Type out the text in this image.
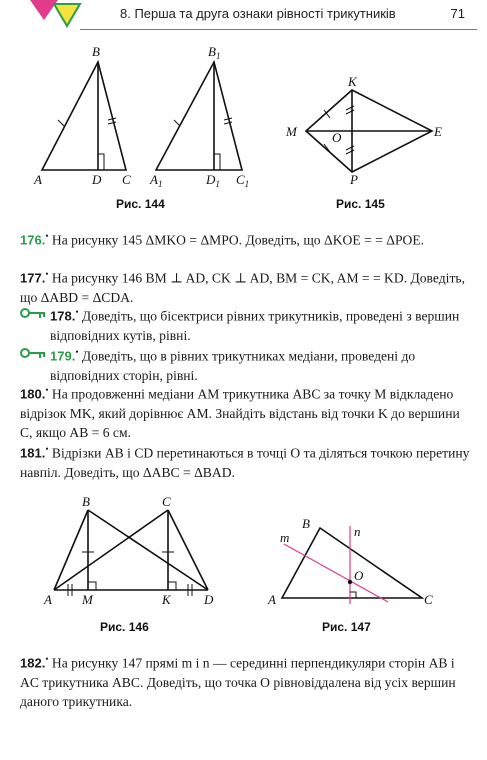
8. Перша та друга ознаки рівності трикутників	71
B
A	D C
$B_1$
$A_1$	$D_1$ $C_1$
Рис. 144
K
M	O	E
P
Рис. 145
176.• На рисунку 145 ΔMKO = ΔMPO. Доведіть, що ΔKOE = = ΔPOE.
177.• На рисунку 146 BM ⊥ AD, CK ⊥ AD, BM = CK, AM = = KD. Доведіть, що ΔABD = ΔCDA.
178.• Доведіть, що бісектриси рівних трикутників, проведені з вершин відповідних кутів, рівні.
179.• Доведіть, що в рівних трикутниках медіани, проведені до відповідних сторін, рівні.
180.• На продовженні медіани AM трикутника ABC за точку M відкладено відрізок MK, який дорівнює AM. Знайдіть відстань від точки K до вершини C, якщо AB = 6 см.
181.• Відрізки AB і CD перетинаються в точці O та діляться точкою перетину навпіл. Доведіть, що ΔABC = ΔBAD.
B	C
A M	K	D
Рис. 146
B
n
m
O
A	C
Рис. 147
182.• На рисунку 147 прямі m і n — серединні перпендикуляри сторін AB і AC трикутника ABC. Доведіть, що точка O рівновіддалена від усіх вершин даного трикутника.
